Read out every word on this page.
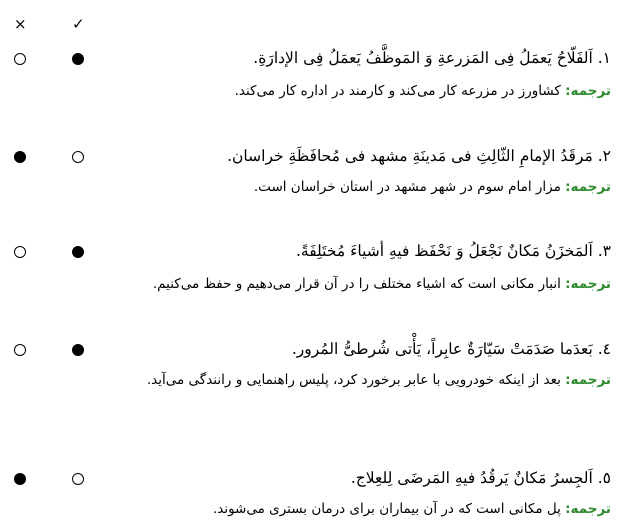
×	✓
١. اَلفَلّاحُ يَعمَلُ فِی المَزرعةِ وَ المَوظَّفُ يَعمَلُ فِی الإدارَةِ.
ترجمه: کشاورز در مزرعه کار می‌کند و کارمند در اداره کار می‌کند.
٢. مَرقَدُ الإمامِ الثّالِثِ فی مَدينَةِ مشهد فی مُحافَظَةِ خراسان.
ترجمه: مزار امام سوم در شهر مشهد در استان خراسان است.
٣. اَلمَخزَنُ مَكانٌ نَجْعَلُ وَ نَحْفَظ فيهِ أشياءَ مُختَلِفَةً.
ترجمه: انبار مکانی است که اشیاء مختلف را در آن قرار می‌دهیم و حفظ می‌کنیم.
٤. بَعدَما صَدَمَتْ سَيّارَةٌ عابِراً، يَأْتی شُرطیُّ المُرور.
ترجمه: بعد از اینکه خودرویی با عابر برخورد کرد، پلیس راهنمایی و رانندگی می‌آید.
٥. اَلجِسرُ مَكانٌ يَرقُدُ فيهِ المَرضَی لِلعِلاج.
ترجمه: پل مکانی است که در آن بیماران برای درمان بستری می‌شوند.
